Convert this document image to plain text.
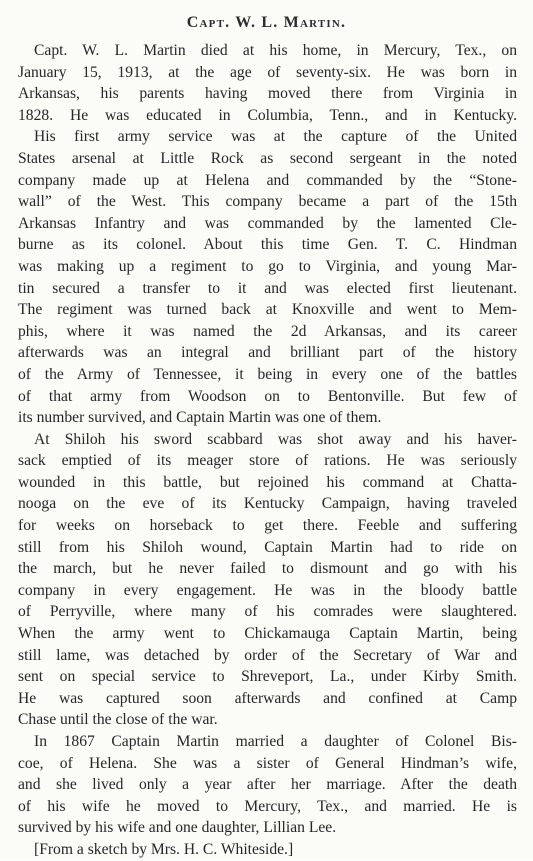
Capt. W. L. Martin.
Capt. W. L. Martin died at his home, in Mercury, Tex., on
January 15, 1913, at the age of seventy-six. He was born in
Arkansas, his parents having moved there from Virginia in
1828. He was educated in Columbia, Tenn., and in Kentucky.
His first army service was at the capture of the United
States arsenal at Little Rock as second sergeant in the noted
company made up at Helena and commanded by the “Stone-
wall” of the West. This company became a part of the 15th
Arkansas Infantry and was commanded by the lamented Cle-
burne as its colonel. About this time Gen. T. C. Hindman
was making up a regiment to go to Virginia, and young Mar-
tin secured a transfer to it and was elected first lieutenant.
The regiment was turned back at Knoxville and went to Mem-
phis, where it was named the 2d Arkansas, and its career
afterwards was an integral and brilliant part of the history
of the Army of Tennessee, it being in every one of the battles
of that army from Woodson on to Bentonville. But few of
its number survived, and Captain Martin was one of them.
At Shiloh his sword scabbard was shot away and his haver-
sack emptied of its meager store of rations. He was seriously
wounded in this battle, but rejoined his command at Chatta-
nooga on the eve of its Kentucky Campaign, having traveled
for weeks on horseback to get there. Feeble and suffering
still from his Shiloh wound, Captain Martin had to ride on
the march, but he never failed to dismount and go with his
company in every engagement. He was in the bloody battle
of Perryville, where many of his comrades were slaughtered.
When the army went to Chickamauga Captain Martin, being
still lame, was detached by order of the Secretary of War and
sent on special service to Shreveport, La., under Kirby Smith.
He was captured soon afterwards and confined at Camp
Chase until the close of the war.
In 1867 Captain Martin married a daughter of Colonel Bis-
coe, of Helena. She was a sister of General Hindman’s wife,
and she lived only a year after her marriage. After the death
of his wife he moved to Mercury, Tex., and married. He is
survived by his wife and one daughter, Lillian Lee.
[From a sketch by Mrs. H. C. Whiteside.]
